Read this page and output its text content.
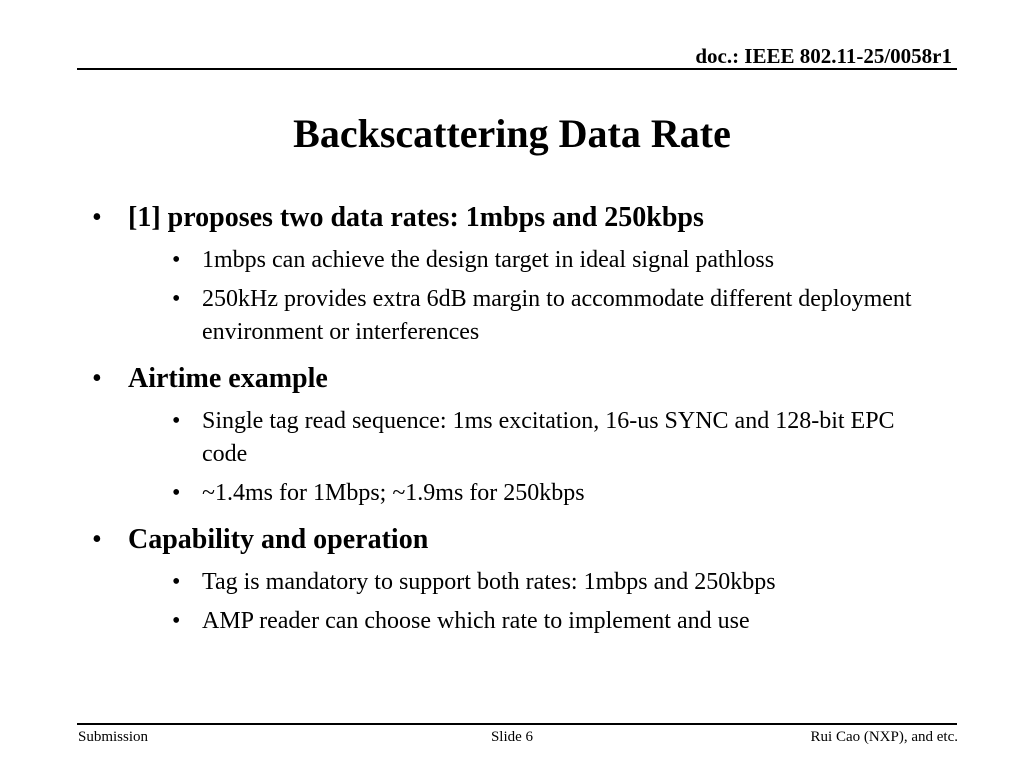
doc.: IEEE 802.11-25/0058r1
Backscattering Data Rate
• [1] proposes two data rates: 1mbps and 250kbps
• 1mbps can achieve the design target in ideal signal pathloss
• 250kHz provides extra 6dB margin to accommodate different deployment environment or interferences
• Airtime example
• Single tag read sequence: 1ms excitation, 16-us SYNC and 128-bit EPC code
• ~1.4ms for 1Mbps; ~1.9ms for 250kbps
• Capability and operation
• Tag is mandatory to support both rates: 1mbps and 250kbps
• AMP reader can choose which rate to implement and use
Submission	Slide 6	Rui Cao (NXP), and etc.
